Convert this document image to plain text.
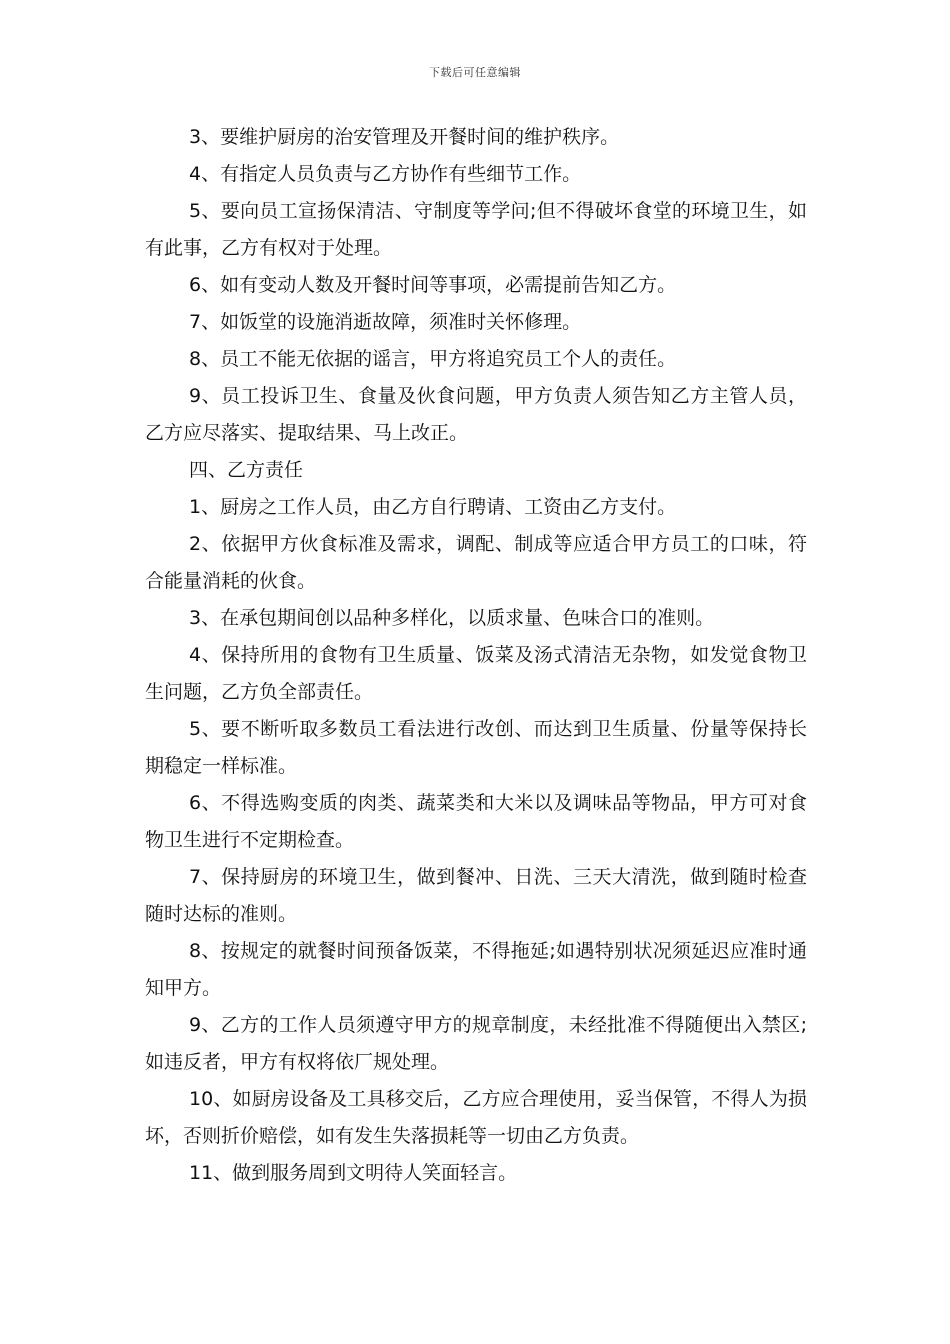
下载后可任意编辑

3、要维护厨房的治安管理及开餐时间的维护秩序。

4、有指定人员负责与乙方协作有些细节工作。

5、要向员工宣扬保清洁、守制度等学问;但不得破坏食堂的环境卫生，如有此事，乙方有权对于处理。

6、如有变动人数及开餐时间等事项，必需提前告知乙方。

7、如饭堂的设施消逝故障，须准时关怀修理。

8、员工不能无依据的谣言，甲方将追究员工个人的责任。

9、员工投诉卫生、食量及伙食问题，甲方负责人须告知乙方主管人员，乙方应尽落实、提取结果、马上改正。

四、乙方责任

1、厨房之工作人员，由乙方自行聘请、工资由乙方支付。

2、依据甲方伙食标准及需求，调配、制成等应适合甲方员工的口味，符合能量消耗的伙食。

3、在承包期间创以品种多样化，以质求量、色味合口的准则。

4、保持所用的食物有卫生质量、饭菜及汤式清洁无杂物，如发觉食物卫生问题，乙方负全部责任。

5、要不断听取多数员工看法进行改创、而达到卫生质量、份量等保持长期稳定一样标准。

6、不得选购变质的肉类、蔬菜类和大米以及调味品等物品，甲方可对食物卫生进行不定期检查。

7、保持厨房的环境卫生，做到餐冲、日洗、三天大清洗，做到随时检查随时达标的准则。

8、按规定的就餐时间预备饭菜，不得拖延;如遇特别状况须延迟应准时通知甲方。

9、乙方的工作人员须遵守甲方的规章制度，未经批准不得随便出入禁区;如违反者，甲方有权将依厂规处理。

10、如厨房设备及工具移交后，乙方应合理使用，妥当保管，不得人为损坏，否则折价赔偿，如有发生失落损耗等一切由乙方负责。

11、做到服务周到文明待人笑面轻言。
